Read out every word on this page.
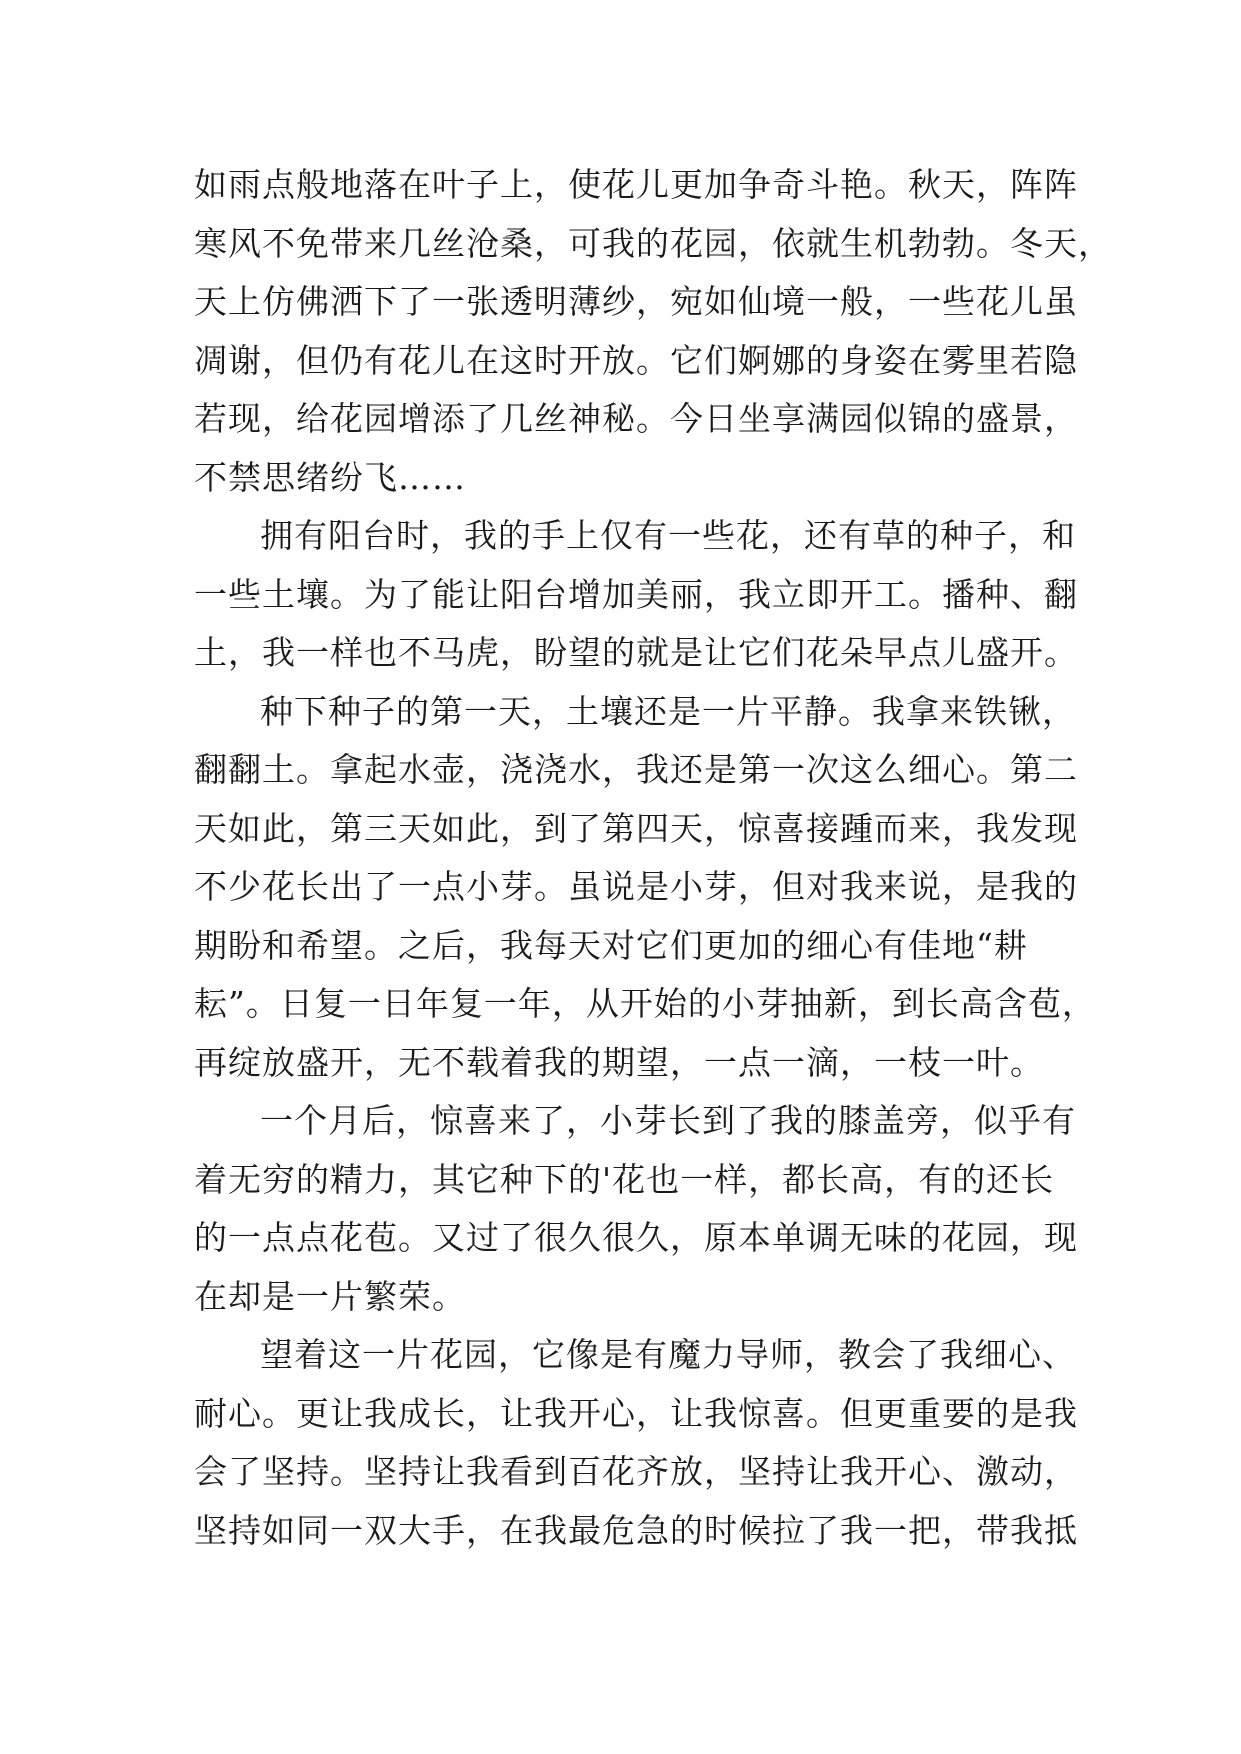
如雨点般地落在叶子上，使花儿更加争奇斗艳。秋天，阵阵
寒风不免带来几丝沧桑，可我的花园，依就生机勃勃。冬天，
天上仿佛洒下了一张透明薄纱，宛如仙境一般，一些花儿虽
凋谢，但仍有花儿在这时开放。它们婀娜的身姿在雾里若隐
若现，给花园增添了几丝神秘。今日坐享满园似锦的盛景，
不禁思绪纷飞……

拥有阳台时，我的手上仅有一些花，还有草的种子，和
一些土壤。为了能让阳台增加美丽，我立即开工。播种、翻
土，我一样也不马虎，盼望的就是让它们花朵早点儿盛开。

种下种子的第一天，土壤还是一片平静。我拿来铁锹，
翻翻土。拿起水壶，浇浇水，我还是第一次这么细心。第二
天如此，第三天如此，到了第四天，惊喜接踵而来，我发现
不少花长出了一点小芽。虽说是小芽，但对我来说，是我的
期盼和希望。之后，我每天对它们更加的细心有佳地“耕
耘”。日复一日年复一年，从开始的小芽抽新，到长高含苞，
再绽放盛开，无不载着我的期望，一点一滴，一枝一叶。

一个月后，惊喜来了，小芽长到了我的膝盖旁，似乎有
着无穷的精力，其它种下的'花也一样，都长高，有的还长
的一点点花苞。又过了很久很久，原本单调无味的花园，现
在却是一片繁荣。

望着这一片花园，它像是有魔力导师，教会了我细心、
耐心。更让我成长，让我开心，让我惊喜。但更重要的是我
会了坚持。坚持让我看到百花齐放，坚持让我开心、激动，
坚持如同一双大手，在我最危急的时候拉了我一把，带我抵
